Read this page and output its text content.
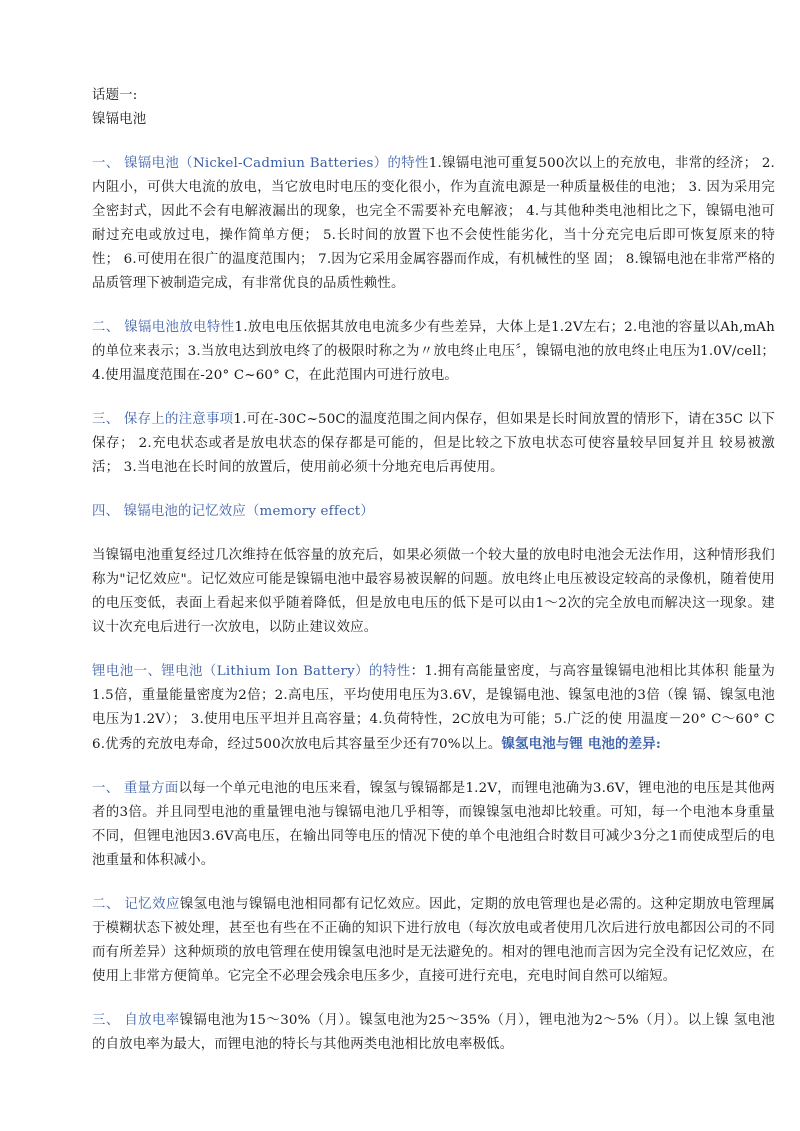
话题一:

镍镉电池

一、 镍镉电池（Nickel-Cadmiun Batteries）的特性1.镍镉电池可重复500次以上的充放电，非常的经济； 2. 内阻小，可供大电流的放电，当它放电时电压的变化很小，作为直流电源是一种质量极佳的电池； 3. 因为采用完全密封式，因此不会有电解液漏出的现象，也完全不需要补充电解液； 4.与其他种类电池相比之下，镍镉电池可耐过充电或放过电，操作简单方便； 5.长时间的放置下也不会使性能劣化，当十分充完电后即可恢复原来的特性； 6.可使用在很广的温度范围内； 7.因为它采用金属容器而作成，有机械性的坚 固； 8.镍镉电池在非常严格的品质管理下被制造完成，有非常优良的品质性赖性。

二、 镍镉电池放电特性1.放电电压依据其放电电流多少有些差异，大体上是1.2V左右；2.电池的容量以Ah,mAh的单位来表示；3.当放电达到放电终了的极限时称之为〃放电终止电压〞，镍镉电池的放电终止电压为1.0V/cell； 4.使用温度范围在-20° C~60° C，在此范围内可进行放电。

三、 保存上的注意事项1.可在-30C~50C的温度范围之间内保存，但如果是长时间放置的情形下，请在35C 以下保存； 2.充电状态或者是放电状态的保存都是可能的，但是比较之下放电状态可使容量较早回复并且 较易被激活； 3.当电池在长时间的放置后，使用前必须十分地充电后再使用。

四、 镍镉电池的记忆效应（memory effect）

当镍镉电池重复经过几次维持在低容量的放充后，如果必须做一个较大量的放电时电池会无法作用，这种情形我们称为"记忆效应"。记忆效应可能是镍镉电池中最容易被误解的问题。放电终止电压被设定较高的录像机，随着使用的电压变低，表面上看起来似乎随着降低，但是放电电压的低下是可以由1～2次的完全放电而解决这一现象。建议十次充电后进行一次放电，以防止建议效应。

锂电池一、锂电池（Lithium Ion Battery）的特性：1.拥有高能量密度，与高容量镍镉电池相比其体积 能量为1.5倍，重量能量密度为2倍；2.高电压，平均使用电压为3.6V，是镍镉电池、镍氢电池的3倍（镍 镉、镍氢电池电压为1.2V）； 3.使用电压平坦并且高容量；4.负荷特性，2C放电为可能；5.广泛的使 用温度－20° C～60° C 6.优秀的充放电寿命，经过500次放电后其容量至少还有70%以上。镍氢电池与锂 电池的差异:

一、 重量方面以每一个单元电池的电压来看，镍氢与镍镉都是1.2V，而锂电池确为3.6V，锂电池的电压是其他两者的3倍。并且同型电池的重量锂电池与镍镉电池几乎相等，而镍镍氢电池却比较重。可知，每一个电池本身重量不同，但锂电池因3.6V高电压，在输出同等电压的情况下使的单个电池组合时数目可减少3分之1而使成型后的电池重量和体积减小。

二、 记忆效应镍氢电池与镍镉电池相同都有记忆效应。因此，定期的放电管理也是必需的。这种定期放电管理属于模糊状态下被处理，甚至也有些在不正确的知识下进行放电（每次放电或者使用几次后进行放电都因公司的不同而有所差异）这种烦琐的放电管理在使用镍氢电池时是无法避免的。相对的锂电池而言因为完全没有记忆效应，在使用上非常方便简单。它完全不必理会残余电压多少，直接可进行充电，充电时间自然可以缩短。

三、 自放电率镍镉电池为15～30%（月）。镍氢电池为25～35%（月），锂电池为2～5%（月）。以上镍 氢电池的自放电率为最大，而锂电池的特长与其他两类电池相比放电率极低。
